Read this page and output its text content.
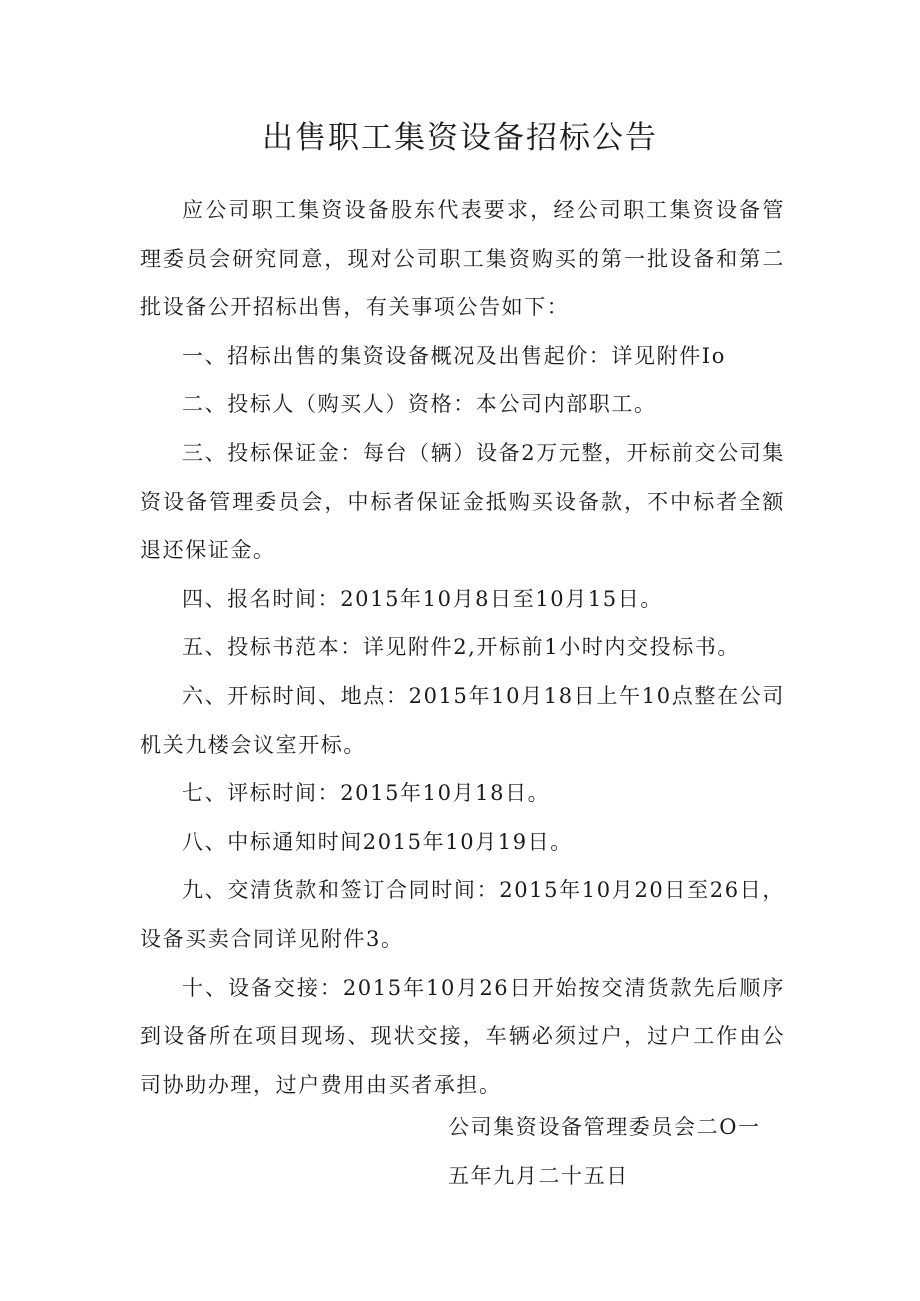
出售职工集资设备招标公告

应公司职工集资设备股东代表要求，经公司职工集资设备管理委员会研究同意，现对公司职工集资购买的第一批设备和第二批设备公开招标出售，有关事项公告如下：

一、招标出售的集资设备概况及出售起价：详见附件Io

二、投标人（购买人）资格：本公司内部职工。

三、投标保证金：每台（辆）设备2万元整，开标前交公司集资设备管理委员会，中标者保证金抵购买设备款，不中标者全额退还保证金。

四、报名时间：2015年10月8日至10月15日。

五、投标书范本：详见附件2,开标前1小时内交投标书。

六、开标时间、地点：2015年10月18日上午10点整在公司机关九楼会议室开标。

七、评标时间：2015年10月18日。

八、中标通知时间2015年10月19日。

九、交清货款和签订合同时间：2015年10月20日至26日，设备买卖合同详见附件3。

十、设备交接：2015年10月26日开始按交清货款先后顺序到设备所在项目现场、现状交接，车辆必须过户，过户工作由公司协助办理，过户费用由买者承担。

公司集资设备管理委员会二O一
五年九月二十五日
